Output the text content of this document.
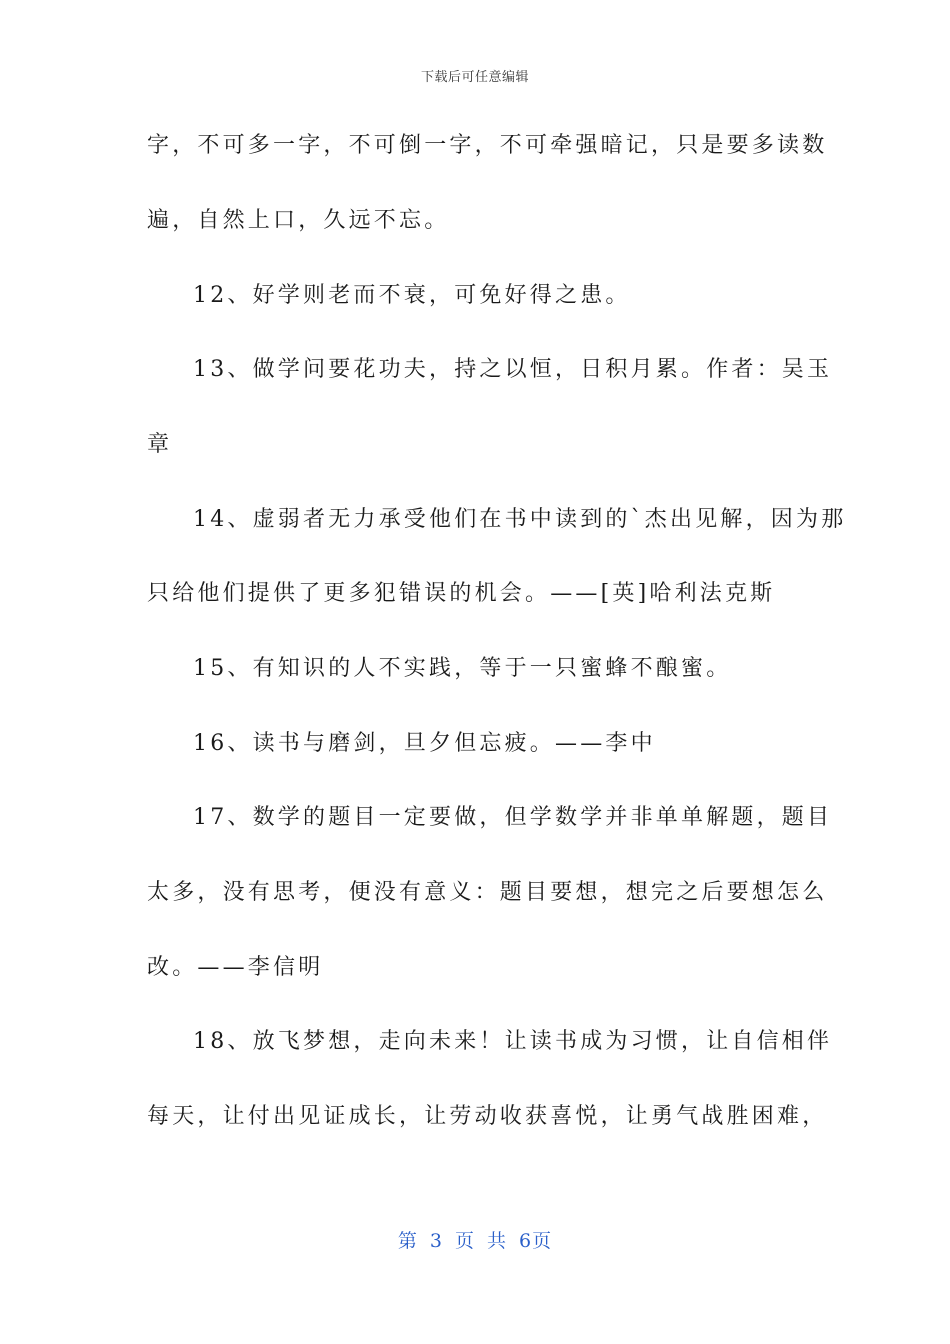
下载后可任意编辑
字，不可多一字，不可倒一字，不可牵强暗记，只是要多读数
遍，自然上口，久远不忘。
12、好学则老而不衰，可免好得之患。
13、做学问要花功夫，持之以恒，日积月累。作者：吴玉
章
14、虚弱者无力承受他们在书中读到的`杰出见解，因为那
只给他们提供了更多犯错误的机会。——[英]哈利法克斯
15、有知识的人不实践，等于一只蜜蜂不酿蜜。
16、读书与磨剑，旦夕但忘疲。——李中
17、数学的题目一定要做，但学数学并非单单解题，题目
太多，没有思考，便没有意义：题目要想，想完之后要想怎么
改。——李信明
18、放飞梦想，走向未来！让读书成为习惯，让自信相伴
每天，让付出见证成长，让劳动收获喜悦，让勇气战胜困难，
第 3 页 共 6页
